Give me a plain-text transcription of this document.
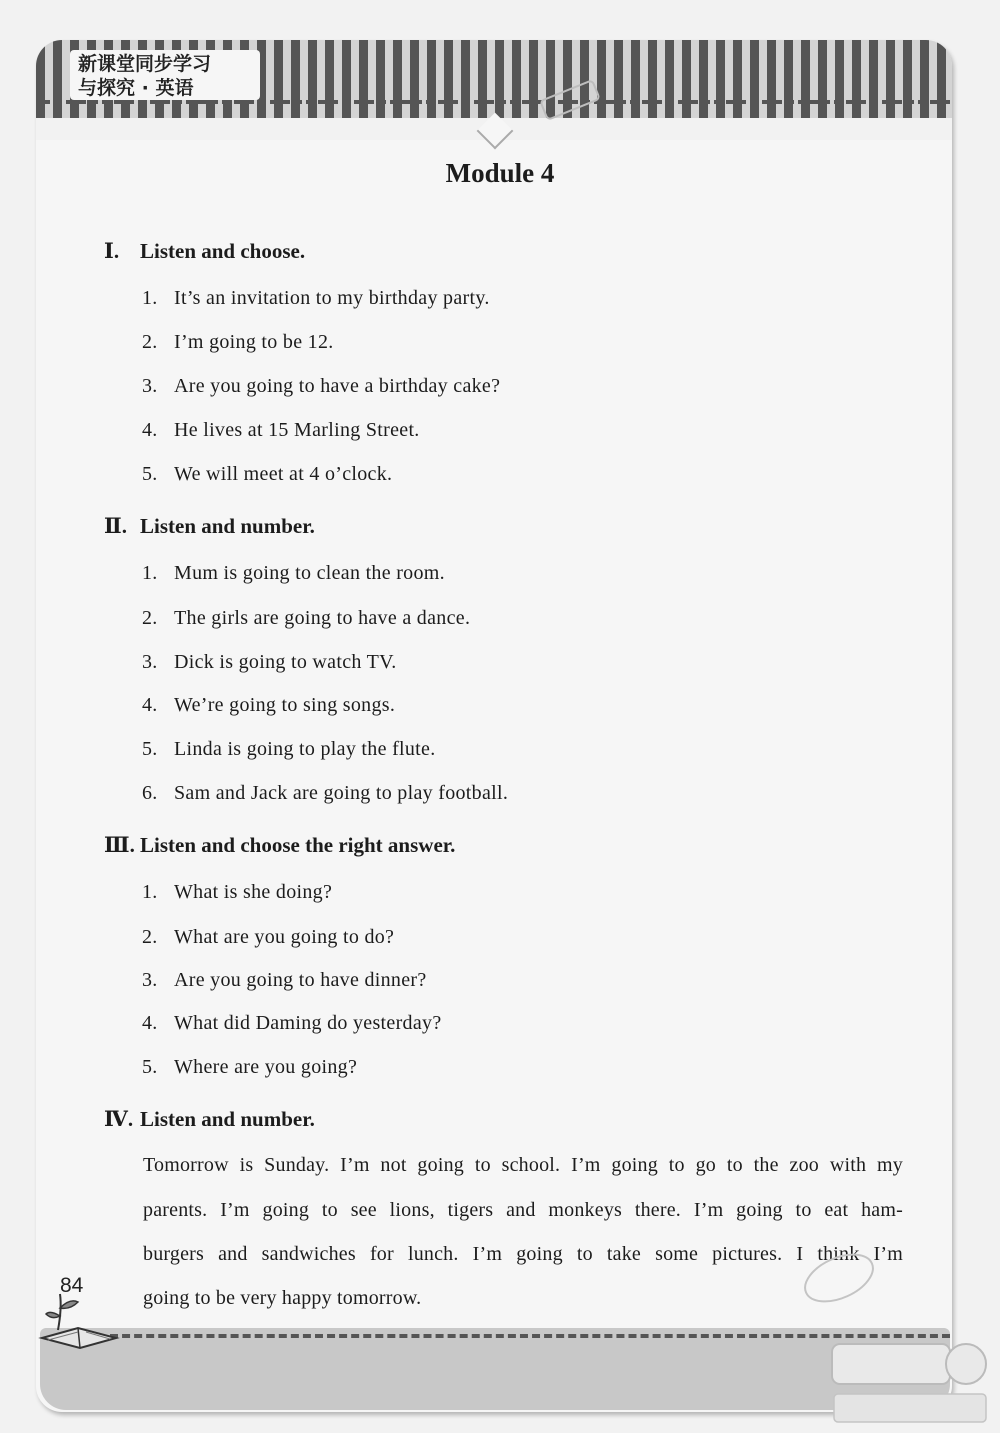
新课堂同步学习
与探究 · 英语
Module 4
Ⅰ. Listen and choose.
1. It’s an invitation to my birthday party.
2. I’m going to be 12.
3. Are you going to have a birthday cake?
4. He lives at 15 Marling Street.
5. We will meet at 4 o’clock.
Ⅱ. Listen and number.
1. Mum is going to clean the room.
2. The girls are going to have a dance.
3. Dick is going to watch TV.
4. We’re going to sing songs.
5. Linda is going to play the flute.
6. Sam and Jack are going to play football.
Ⅲ. Listen and choose the right answer.
1. What is she doing?
2. What are you going to do?
3. Are you going to have dinner?
4. What did Daming do yesterday?
5. Where are you going?
Ⅳ. Listen and number.
Tomorrow is Sunday. I’m not going to school. I’m going to go to the zoo with my
parents. I’m going to see lions, tigers and monkeys there. I’m going to eat ham-
burgers and sandwiches for lunch. I’m going to take some pictures. I think I’m
going to be very happy tomorrow.
84
